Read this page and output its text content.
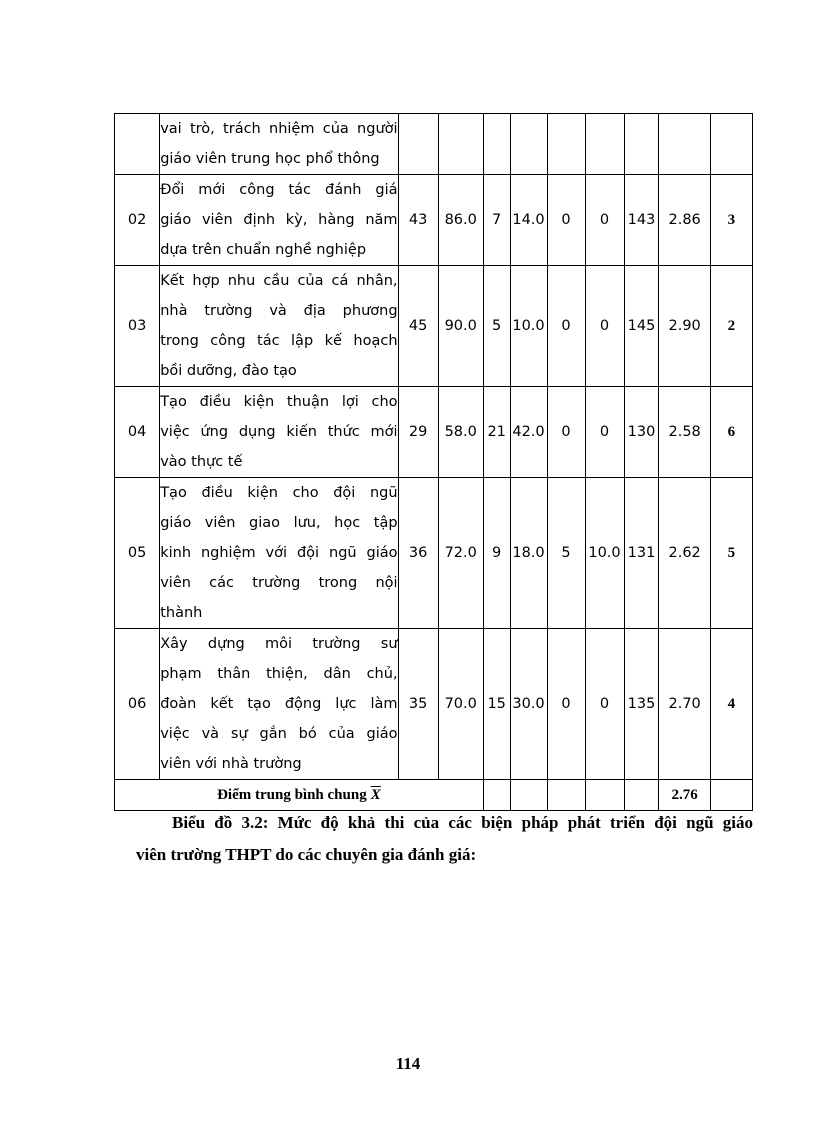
	vai trò, trách nhiệm của người
giáo viên trung học phổ thông									

02	Đổi mới công tác đánh giá
giáo viên định kỳ, hàng năm
dựa trên chuẩn nghề nghiệp	43	86.0	7	14.0	0	0	143	2.86	3
03	Kết hợp nhu cầu của cá nhân,
nhà trường và địa phương
trong công tác lập kế hoạch
bồi dưỡng, đào tạo	45	90.0	5	10.0	0	0	145	2.90	2
04	Tạo điều kiện thuận lợi cho
việc ứng dụng kiến thức mới
vào thực tế	29	58.0	21	42.0	0	0	130	2.58	6
05	Tạo điều kiện cho đội ngũ
giáo viên giao lưu, học tập
kinh nghiệm với đội ngũ giáo
viên các trường trong nội
thành	36	72.0	9	18.0	5	10.0	131	2.62	5
06	Xây dựng môi trường sư
phạm thân thiện, dân chủ,
đoàn kết tạo động lực làm
việc và sự gắn bó của giáo
viên với nhà trường	35	70.0	15	30.0	0	0	135	2.70	4
Điểm trung bình chung $\overline{X}$									2.76	
Biểu đồ 3.2: Mức độ khả thi của các biện pháp phát triển đội ngũ giáo
viên trường THPT do các chuyên gia đánh giá:
114
